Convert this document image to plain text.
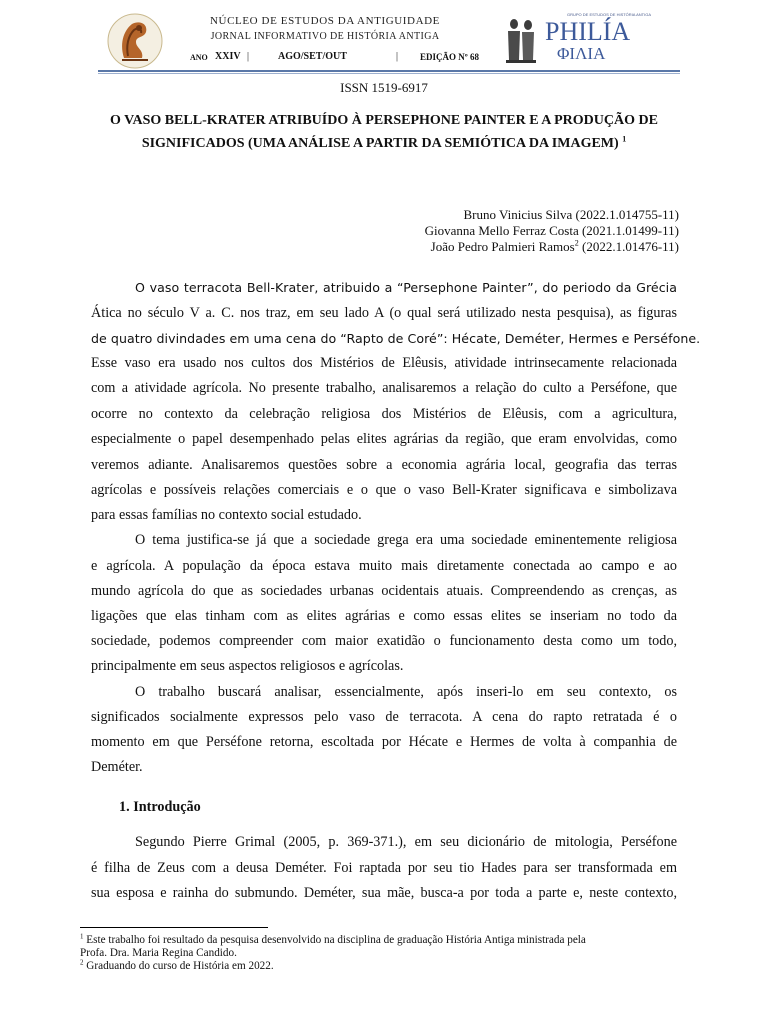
NÚCLEO DE ESTUDOS DA ANTIGUIDADE
JORNAL INFORMATIVO DE HISTÓRIA ANTIGA
ANO XXIV |	AGO/SET/OUT	| EDIÇÃO Nº 68
GRUPO DE ESTUDOS DE HISTÓRIA ANTIGA
PHILÍA
ΦΙΛΙΑ
ISSN 1519-6917
O VASO BELL-KRATER ATRIBUÍDO À PERSEPHONE PAINTER E A PRODUÇÃO DE
SIGNIFICADOS (UMA ANÁLISE A PARTIR DA SEMIÓTICA DA IMAGEM) $^1$
Bruno Vinicius Silva (2022.1.014755-11)
Giovanna Mello Ferraz Costa (2021.1.01499-11)
João Pedro Palmieri Ramos$^2$ (2022.1.01476-11)
O vaso terracota Bell-Krater, atribuido a “Persephone Painter”, do periodo da Grécia
Ática no século V a. C. nos traz, em seu lado A (o qual será utilizado nesta pesquisa), as figuras
de quatro divindades em uma cena do “Rapto de Coré”: Hécate, Deméter, Hermes e Perséfone.
Esse vaso era usado nos cultos dos Mistérios de Elêusis, atividade intrinsecamente relacionada
com a atividade agrícola. No presente trabalho, analisaremos a relação do culto a Perséfone, que
ocorre no contexto da celebração religiosa dos Mistérios de Elêusis, com a agricultura,
especialmente o papel desempenhado pelas elites agrárias da região, que eram envolvidas, como
veremos adiante. Analisaremos questões sobre a economia agrária local, geografia das terras
agrícolas e possíveis relações comerciais e o que o vaso Bell-Krater significava e simbolizava
para essas famílias no contexto social estudado.
O tema justifica-se já que a sociedade grega era uma sociedade eminentemente religiosa
e agrícola. A população da época estava muito mais diretamente conectada ao campo e ao
mundo agrícola do que as sociedades urbanas ocidentais atuais. Compreendendo as crenças, as
ligações que elas tinham com as elites agrárias e como essas elites se inseriam no todo da
sociedade, podemos compreender com maior exatidão o funcionamento desta como um todo,
principalmente em seus aspectos religiosos e agrícolas.
O trabalho buscará analisar, essencialmente, após inseri-lo em seu contexto, os
significados socialmente expressos pelo vaso de terracota. A cena do rapto retratada é o
momento em que Perséfone retorna, escoltada por Hécate e Hermes de volta à companhia de
Deméter.
1. Introdução
Segundo Pierre Grimal (2005, p. 369-371.), em seu dicionário de mitologia, Perséfone
é filha de Zeus com a deusa Deméter. Foi raptada por seu tio Hades para ser transformada em
sua esposa e rainha do submundo. Deméter, sua mãe, busca-a por toda a parte e, neste contexto,
$^1$ Este trabalho foi resultado da pesquisa desenvolvido na disciplina de graduação História Antiga ministrada pela
Profa. Dra. Maria Regina Candido.
$^2$ Graduando do curso de História em 2022.
